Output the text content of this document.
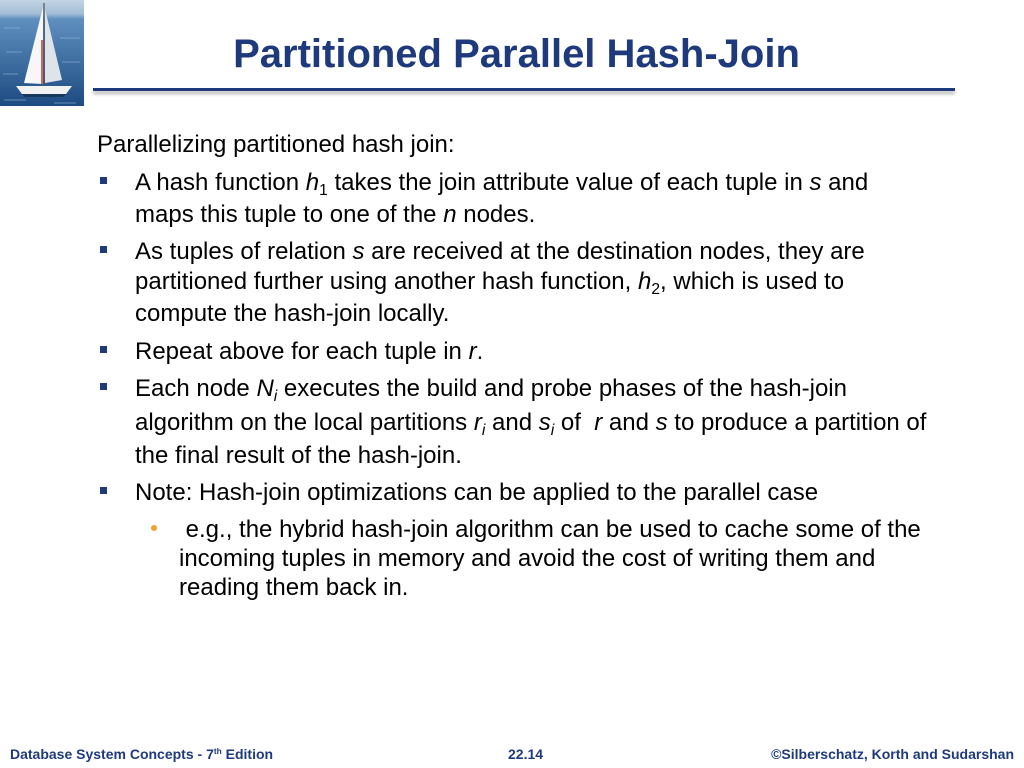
Partitioned Parallel Hash-Join
Parallelizing partitioned hash join:
A hash function h 1 takes the join attribute value of each tuple in s and
maps this tuple to one of the n nodes.
As tuples of relation s are received at the destination nodes, they are
partitioned further using another hash function, h 2 , which is used to
compute the hash-join locally.
Repeat above for each tuple in r .
Each node N i executes the build and probe phases of the hash-join
algorithm on the local partitions r i and s i of r and s to produce a partition of
the final result of the hash-join.
Note: Hash-join optimizations can be applied to the parallel case
e.g., the hybrid hash-join algorithm can be used to cache some of the
incoming tuples in memory and avoid the cost of writing them and
reading them back in.
Database System Concepts - 7 th Edition	22.14	©Silberschatz, Korth and Sudarshan
